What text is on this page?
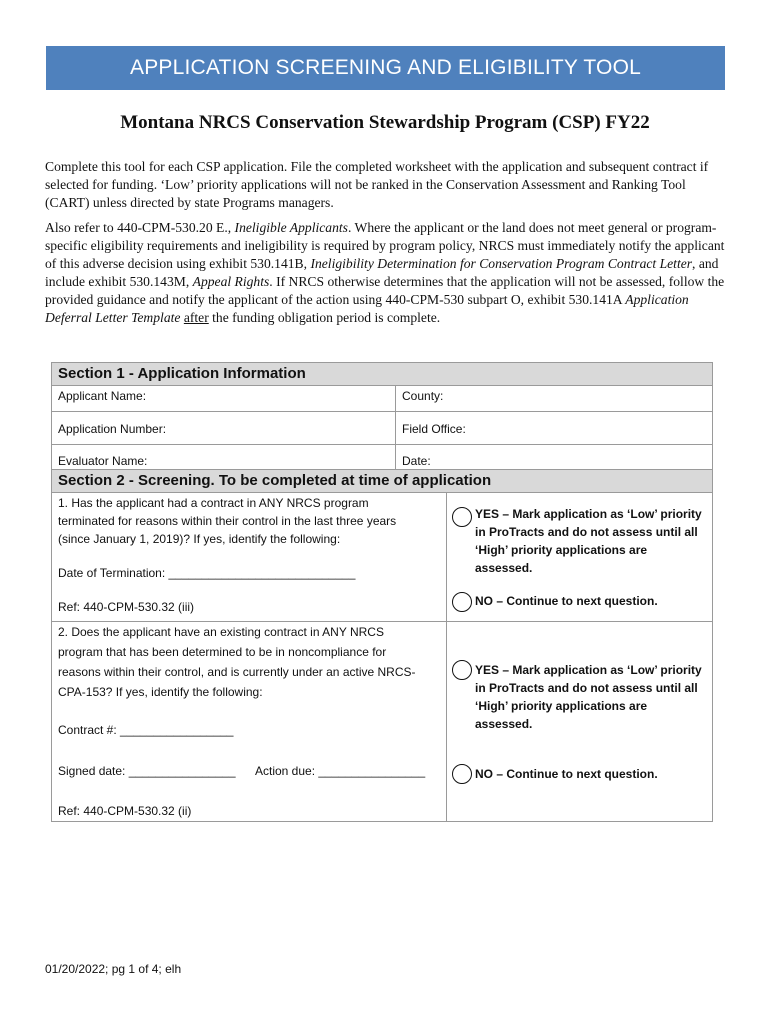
APPLICATION SCREENING AND ELIGIBILITY TOOL
Montana NRCS Conservation Stewardship Program (CSP) FY22
Complete this tool for each CSP application. File the completed worksheet with the application and subsequent contract if selected for funding. ‘Low’ priority applications will not be ranked in the Conservation Assessment and Ranking Tool (CART) unless directed by state Programs managers.
Also refer to 440-CPM-530.20 E., Ineligible Applicants. Where the applicant or the land does not meet general or program-specific eligibility requirements and ineligibility is required by program policy, NRCS must immediately notify the applicant of this adverse decision using exhibit 530.141B, Ineligibility Determination for Conservation Program Contract Letter, and include exhibit 530.143M, Appeal Rights. If NRCS otherwise determines that the application will not be assessed, follow the provided guidance and notify the applicant of the action using 440-CPM-530 subpart O, exhibit 530.141A Application Deferral Letter Template after the funding obligation period is complete.
Section 1 - Application Information
Applicant Name:	County:
Application Number:	Field Office:
Evaluator Name:	Date:
Section 2 - Screening. To be completed at time of application
1. Has the applicant had a contract in ANY NRCS program
terminated for reasons within their control in the last three years
(since January 1, 2019)? If yes, identify the following:
Date of Termination: ____________________________
Ref: 440-CPM-530.32 (iii)
YES – Mark application as ‘Low’ priority
in ProTracts and do not assess until all
‘High’ priority applications are
assessed.
NO – Continue to next question.
2. Does the applicant have an existing contract in ANY NRCS
program that has been determined to be in noncompliance for
reasons within their control, and is currently under an active NRCS-
CPA-153? If yes, identify the following:
Contract #: _________________
Signed date: ________________ Action due: ________________
Ref: 440-CPM-530.32 (ii)
YES – Mark application as ‘Low’ priority
in ProTracts and do not assess until all
‘High’ priority applications are
assessed.
NO – Continue to next question.
01/20/2022; pg 1 of 4; elh
